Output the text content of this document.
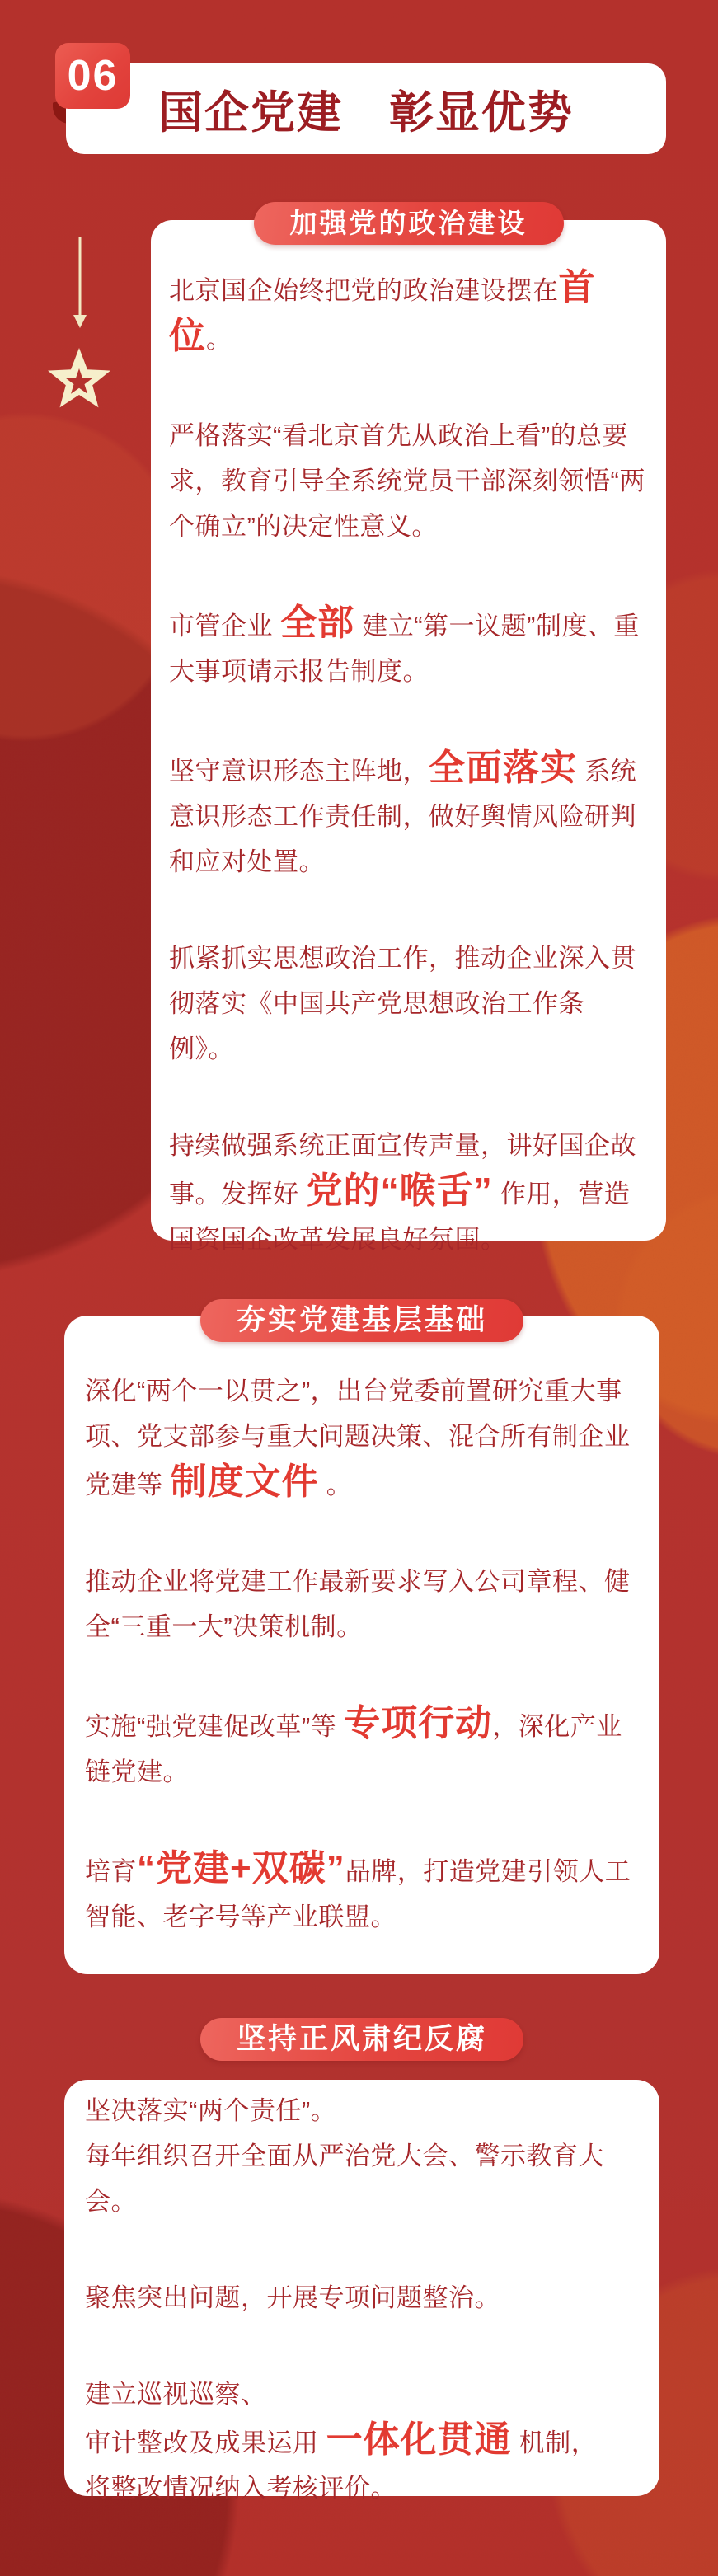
06
国企党建　彰显优势
加强党的政治建设

北京国企始终把党的政治建设摆在首位。

严格落实“看北京首先从政治上看”的总要求，教育引导全系统党员干部深刻领悟“两个确立”的决定性意义。

市管企业 全部 建立“第一议题”制度、重大事项请示报告制度。

坚守意识形态主阵地，全面落实 系统意识形态工作责任制，做好舆情风险研判和应对处置。

抓紧抓实思想政治工作，推动企业深入贯彻落实《中国共产党思想政治工作条例》。

持续做强系统正面宣传声量，讲好国企故事。发挥好 党的“喉舌” 作用，营造国资国企改革发展良好氛围。

夯实党建基层基础

深化“两个一以贯之”，出台党委前置研究重大事项、党支部参与重大问题决策、混合所有制企业党建等 制度文件 。

推动企业将党建工作最新要求写入公司章程、健全“三重一大”决策机制。

实施“强党建促改革”等 专项行动，深化产业链党建。

培育“党建+双碳”品牌，打造党建引领人工智能、老字号等产业联盟。

坚持正风肃纪反腐

坚决落实“两个责任”。
每年组织召开全面从严治党大会、警示教育大会。

聚焦突出问题，开展专项问题整治。

建立巡视巡察、
审计整改及成果运用 一体化贯通 机制，
将整改情况纳入考核评价。
